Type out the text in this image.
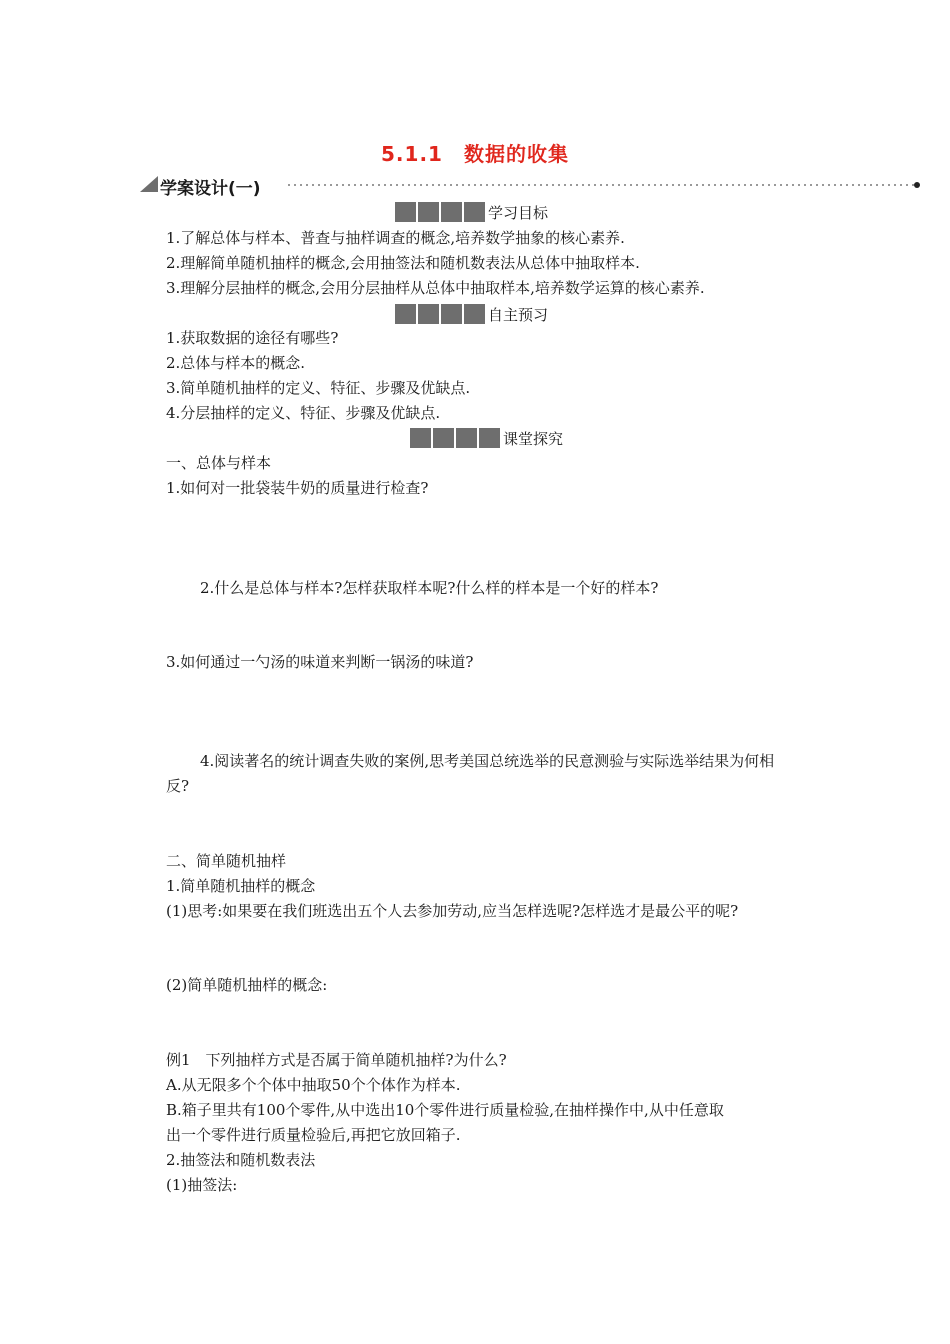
5.1.1　数据的收集
学案设计(一)
学习目标
1.了解总体与样本、普查与抽样调查的概念,培养数学抽象的核心素养.
2.理解简单随机抽样的概念,会用抽签法和随机数表法从总体中抽取样本.
3.理解分层抽样的概念,会用分层抽样从总体中抽取样本,培养数学运算的核心素养.
自主预习
1.获取数据的途径有哪些?
2.总体与样本的概念.
3.简单随机抽样的定义、特征、步骤及优缺点.
4.分层抽样的定义、特征、步骤及优缺点.
课堂探究
一、总体与样本
1.如何对一批袋装牛奶的质量进行检查?
2.什么是总体与样本?怎样获取样本呢?什么样的样本是一个好的样本?
3.如何通过一勺汤的味道来判断一锅汤的味道?
4.阅读著名的统计调查失败的案例,思考美国总统选举的民意测验与实际选举结果为何相
反?
二、简单随机抽样
1.简单随机抽样的概念
(1)思考:如果要在我们班选出五个人去参加劳动,应当怎样选呢?怎样选才是最公平的呢?
(2)简单随机抽样的概念:
例1　下列抽样方式是否属于简单随机抽样?为什么?
A.从无限多个个体中抽取50个个体作为样本.
B.箱子里共有100个零件,从中选出10个零件进行质量检验,在抽样操作中,从中任意取
出一个零件进行质量检验后,再把它放回箱子.
2.抽签法和随机数表法
(1)抽签法:
